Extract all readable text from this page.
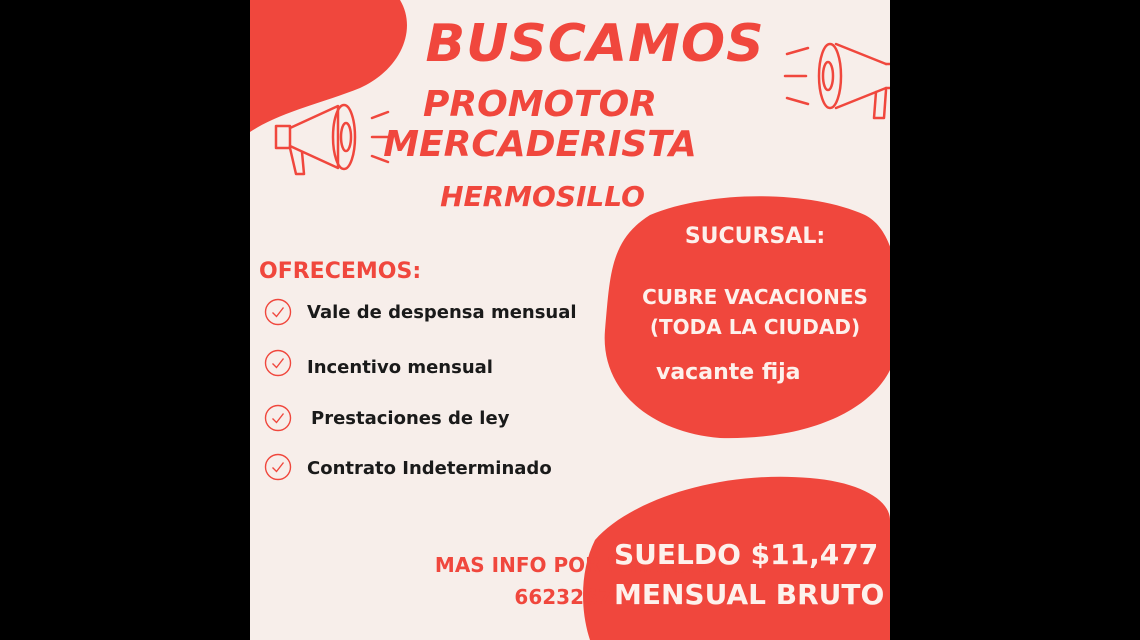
BUSCAMOS
PROMOTOR
MERCADERISTA
HERMOSILLO
OFRECEMOS:
Vale de despensa mensual
Incentivo mensual
Prestaciones de ley
Contrato Indeterminado
SUCURSAL:
CUBRE VACACIONES
(TODA LA CIUDAD)
vacante fija
MAS INFO POR WHATSAPP
6623267736
SUELDO $11,477
MENSUAL BRUTO
